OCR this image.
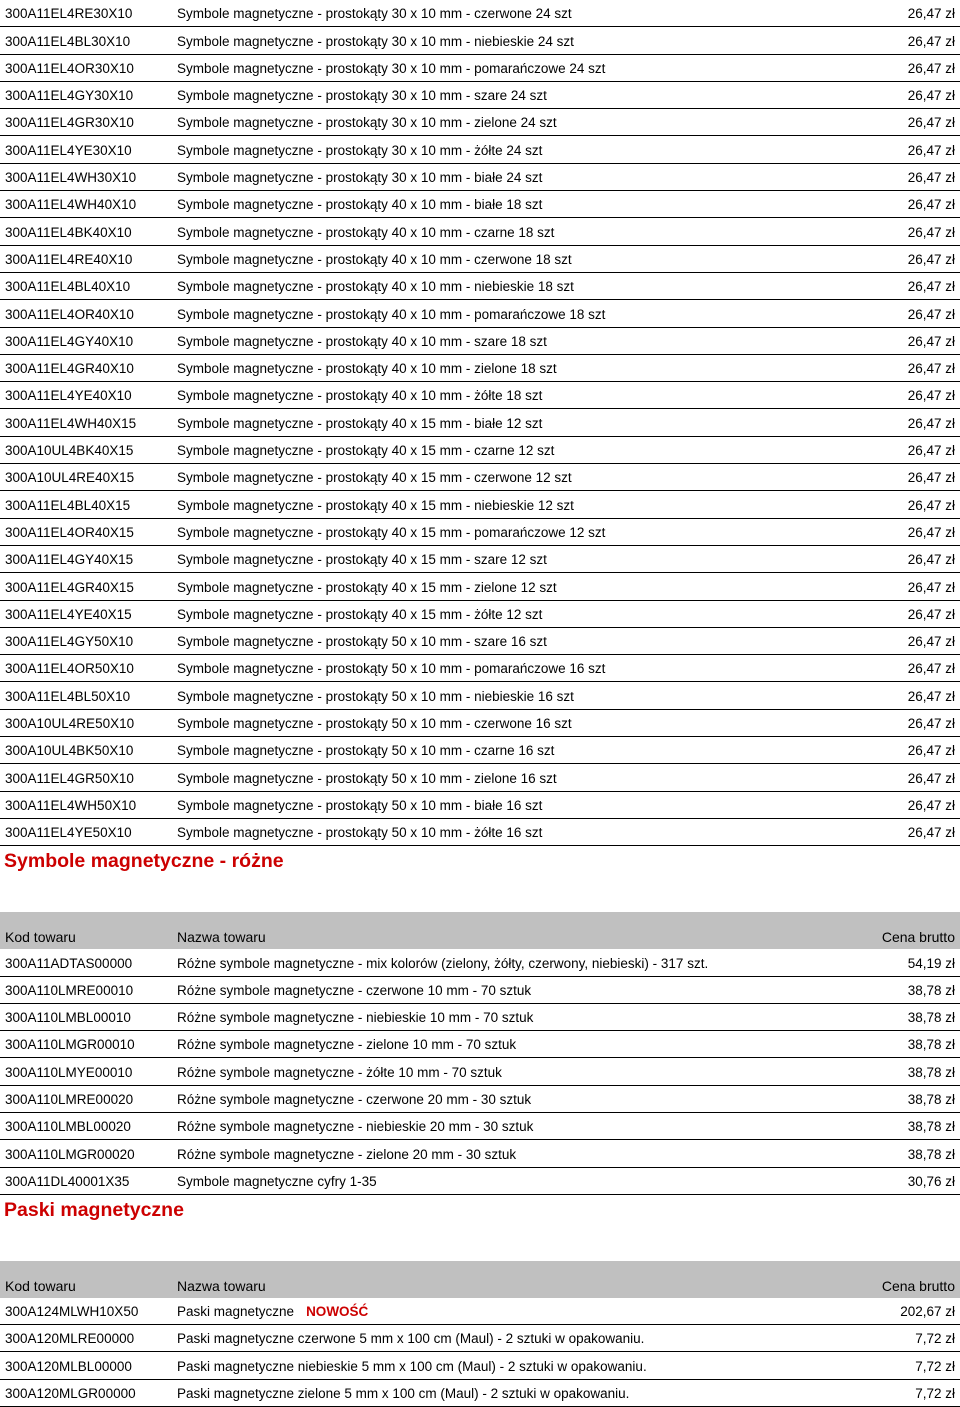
300A11EL4RE30X10	Symbole magnetyczne - prostokąty 30 x 10 mm - czerwone 24 szt	26,47 zł
300A11EL4BL30X10	Symbole magnetyczne - prostokąty 30 x 10 mm - niebieskie 24 szt	26,47 zł
300A11EL4OR30X10	Symbole magnetyczne - prostokąty 30 x 10 mm - pomarańczowe 24 szt	26,47 zł
300A11EL4GY30X10	Symbole magnetyczne - prostokąty 30 x 10 mm - szare 24 szt	26,47 zł
300A11EL4GR30X10	Symbole magnetyczne - prostokąty 30 x 10 mm - zielone 24 szt	26,47 zł
300A11EL4YE30X10	Symbole magnetyczne - prostokąty 30 x 10 mm - żółte 24 szt	26,47 zł
300A11EL4WH30X10	Symbole magnetyczne - prostokąty 30 x 10 mm - białe 24 szt	26,47 zł
300A11EL4WH40X10	Symbole magnetyczne - prostokąty 40 x 10 mm - białe 18 szt	26,47 zł
300A11EL4BK40X10	Symbole magnetyczne - prostokąty 40 x 10 mm - czarne 18 szt	26,47 zł
300A11EL4RE40X10	Symbole magnetyczne - prostokąty 40 x 10 mm - czerwone 18 szt	26,47 zł
300A11EL4BL40X10	Symbole magnetyczne - prostokąty 40 x 10 mm - niebieskie 18 szt	26,47 zł
300A11EL4OR40X10	Symbole magnetyczne - prostokąty 40 x 10 mm - pomarańczowe 18 szt	26,47 zł
300A11EL4GY40X10	Symbole magnetyczne - prostokąty 40 x 10 mm - szare 18 szt	26,47 zł
300A11EL4GR40X10	Symbole magnetyczne - prostokąty 40 x 10 mm - zielone 18 szt	26,47 zł
300A11EL4YE40X10	Symbole magnetyczne - prostokąty 40 x 10 mm - żółte 18 szt	26,47 zł
300A11EL4WH40X15	Symbole magnetyczne - prostokąty 40 x 15 mm - białe 12 szt	26,47 zł
300A10UL4BK40X15	Symbole magnetyczne - prostokąty 40 x 15 mm - czarne 12 szt	26,47 zł
300A10UL4RE40X15	Symbole magnetyczne - prostokąty 40 x 15 mm - czerwone 12 szt	26,47 zł
300A11EL4BL40X15	Symbole magnetyczne - prostokąty 40 x 15 mm - niebieskie 12 szt	26,47 zł
300A11EL4OR40X15	Symbole magnetyczne - prostokąty 40 x 15 mm - pomarańczowe 12 szt	26,47 zł
300A11EL4GY40X15	Symbole magnetyczne - prostokąty 40 x 15 mm - szare 12 szt	26,47 zł
300A11EL4GR40X15	Symbole magnetyczne - prostokąty 40 x 15 mm - zielone 12 szt	26,47 zł
300A11EL4YE40X15	Symbole magnetyczne - prostokąty 40 x 15 mm - żółte 12 szt	26,47 zł
300A11EL4GY50X10	Symbole magnetyczne - prostokąty 50 x 10 mm - szare 16 szt	26,47 zł
300A11EL4OR50X10	Symbole magnetyczne - prostokąty 50 x 10 mm - pomarańczowe 16 szt	26,47 zł
300A11EL4BL50X10	Symbole magnetyczne - prostokąty 50 x 10 mm - niebieskie 16 szt	26,47 zł
300A10UL4RE50X10	Symbole magnetyczne - prostokąty 50 x 10 mm - czerwone 16 szt	26,47 zł
300A10UL4BK50X10	Symbole magnetyczne - prostokąty 50 x 10 mm - czarne 16 szt	26,47 zł
300A11EL4GR50X10	Symbole magnetyczne - prostokąty 50 x 10 mm - zielone 16 szt	26,47 zł
300A11EL4WH50X10	Symbole magnetyczne - prostokąty 50 x 10 mm - białe 16 szt	26,47 zł
300A11EL4YE50X10	Symbole magnetyczne - prostokąty 50 x 10 mm - żółte 16 szt	26,47 zł
Symbole magnetyczne - różne
Kod towaru	Nazwa towaru	Cena brutto
300A11ADTAS00000	Różne symbole magnetyczne - mix kolorów (zielony, żółty, czerwony, niebieski) - 317 szt.	54,19 zł
300A110LMRE00010	Różne symbole magnetyczne - czerwone 10 mm - 70 sztuk	38,78 zł
300A110LMBL00010	Różne symbole magnetyczne - niebieskie 10 mm - 70 sztuk	38,78 zł
300A110LMGR00010	Różne symbole magnetyczne - zielone 10 mm - 70 sztuk	38,78 zł
300A110LMYE00010	Różne symbole magnetyczne - żółte 10 mm - 70 sztuk	38,78 zł
300A110LMRE00020	Różne symbole magnetyczne - czerwone 20 mm - 30 sztuk	38,78 zł
300A110LMBL00020	Różne symbole magnetyczne - niebieskie 20 mm - 30 sztuk	38,78 zł
300A110LMGR00020	Różne symbole magnetyczne - zielone 20 mm - 30 sztuk	38,78 zł
300A11DL40001X35	Symbole magnetyczne cyfry 1-35	30,76 zł
Paski magnetyczne
Kod towaru	Nazwa towaru	Cena brutto
300A124MLWH10X50	Paski magnetyczne NOWOŚĆ	202,67 zł
300A120MLRE00000	Paski magnetyczne czerwone 5 mm x 100 cm (Maul) - 2 sztuki w opakowaniu.	7,72 zł
300A120MLBL00000	Paski magnetyczne niebieskie 5 mm x 100 cm (Maul) - 2 sztuki w opakowaniu.	7,72 zł
300A120MLGR00000	Paski magnetyczne zielone 5 mm x 100 cm (Maul) - 2 sztuki w opakowaniu.	7,72 zł
